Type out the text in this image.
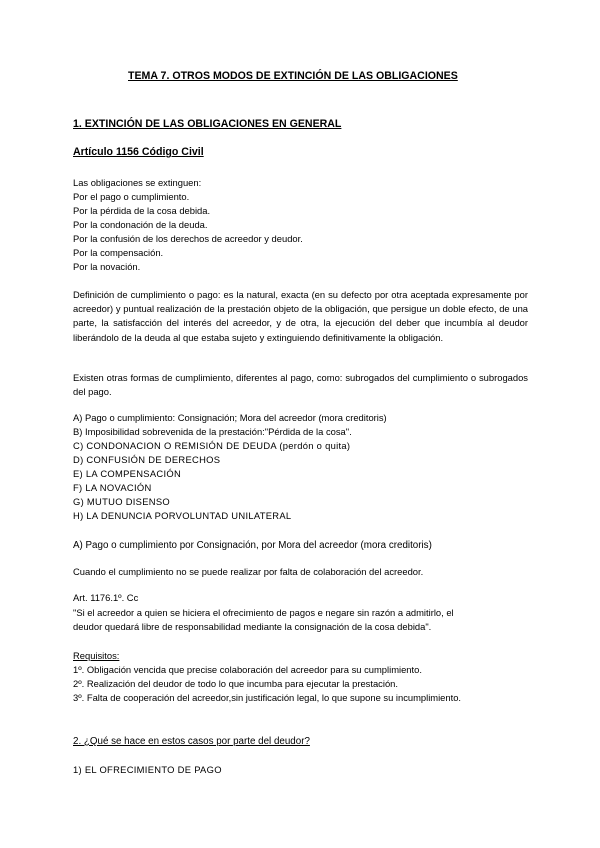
TEMA 7. OTROS MODOS DE EXTINCIÓN DE LAS OBLIGACIONES
1. EXTINCIÓN DE LAS OBLIGACIONES EN GENERAL
Artículo 1156 Código Civil
Las obligaciones se extinguen:
Por el pago o cumplimiento.
Por la pérdida de la cosa debida.
Por la condonación de la deuda.
Por la confusión de los derechos de acreedor y deudor.
Por la compensación.
Por la novación.
Definición de cumplimiento o pago: es la natural, exacta (en su defecto por otra aceptada expresamente por acreedor) y puntual realización de la prestación objeto de la obligación, que persigue un doble efecto, de una parte, la satisfacción del interés del acreedor, y de otra, la ejecución del deber que incumbía al deudor liberándolo de la deuda al que estaba sujeto y extinguiendo definitivamente la obligación.
Existen otras formas de cumplimiento, diferentes al pago, como: subrogados del cumplimiento o subrogados del pago.
A) Pago o cumplimiento: Consignación; Mora del acreedor (mora creditoris)
B) Imposibilidad sobrevenida de la prestación:"Pérdida de la cosa".
C) CONDONACION O REMISIÓN DE DEUDA (perdón o quita)
D) CONFUSIÓN DE DERECHOS
E) LA COMPENSACIÓN
F) LA NOVACIÓN
G) MUTUO DISENSO
H) LA DENUNCIA PORVOLUNTAD UNILATERAL
A) Pago o cumplimiento por Consignación, por Mora del acreedor (mora creditoris)
Cuando el cumplimiento no se puede realizar por falta de colaboración del acreedor.
Art. 1176.1º. Cc
"Si el acreedor a quien se hiciera el ofrecimiento de pagos e negare sin razón a admitirlo, el
deudor quedará libre de responsabilidad mediante la consignación de la cosa debida".
Requisitos:
1º. Obligación vencida que precise colaboración del acreedor para su cumplimiento.
2º. Realización del deudor de todo lo que incumba para ejecutar la prestación.
3º. Falta de cooperación del acreedor,sin justificación legal, lo que supone su incumplimiento.
2. ¿Qué se hace en estos casos por parte del deudor?
1) EL OFRECIMIENTO DE PAGO
